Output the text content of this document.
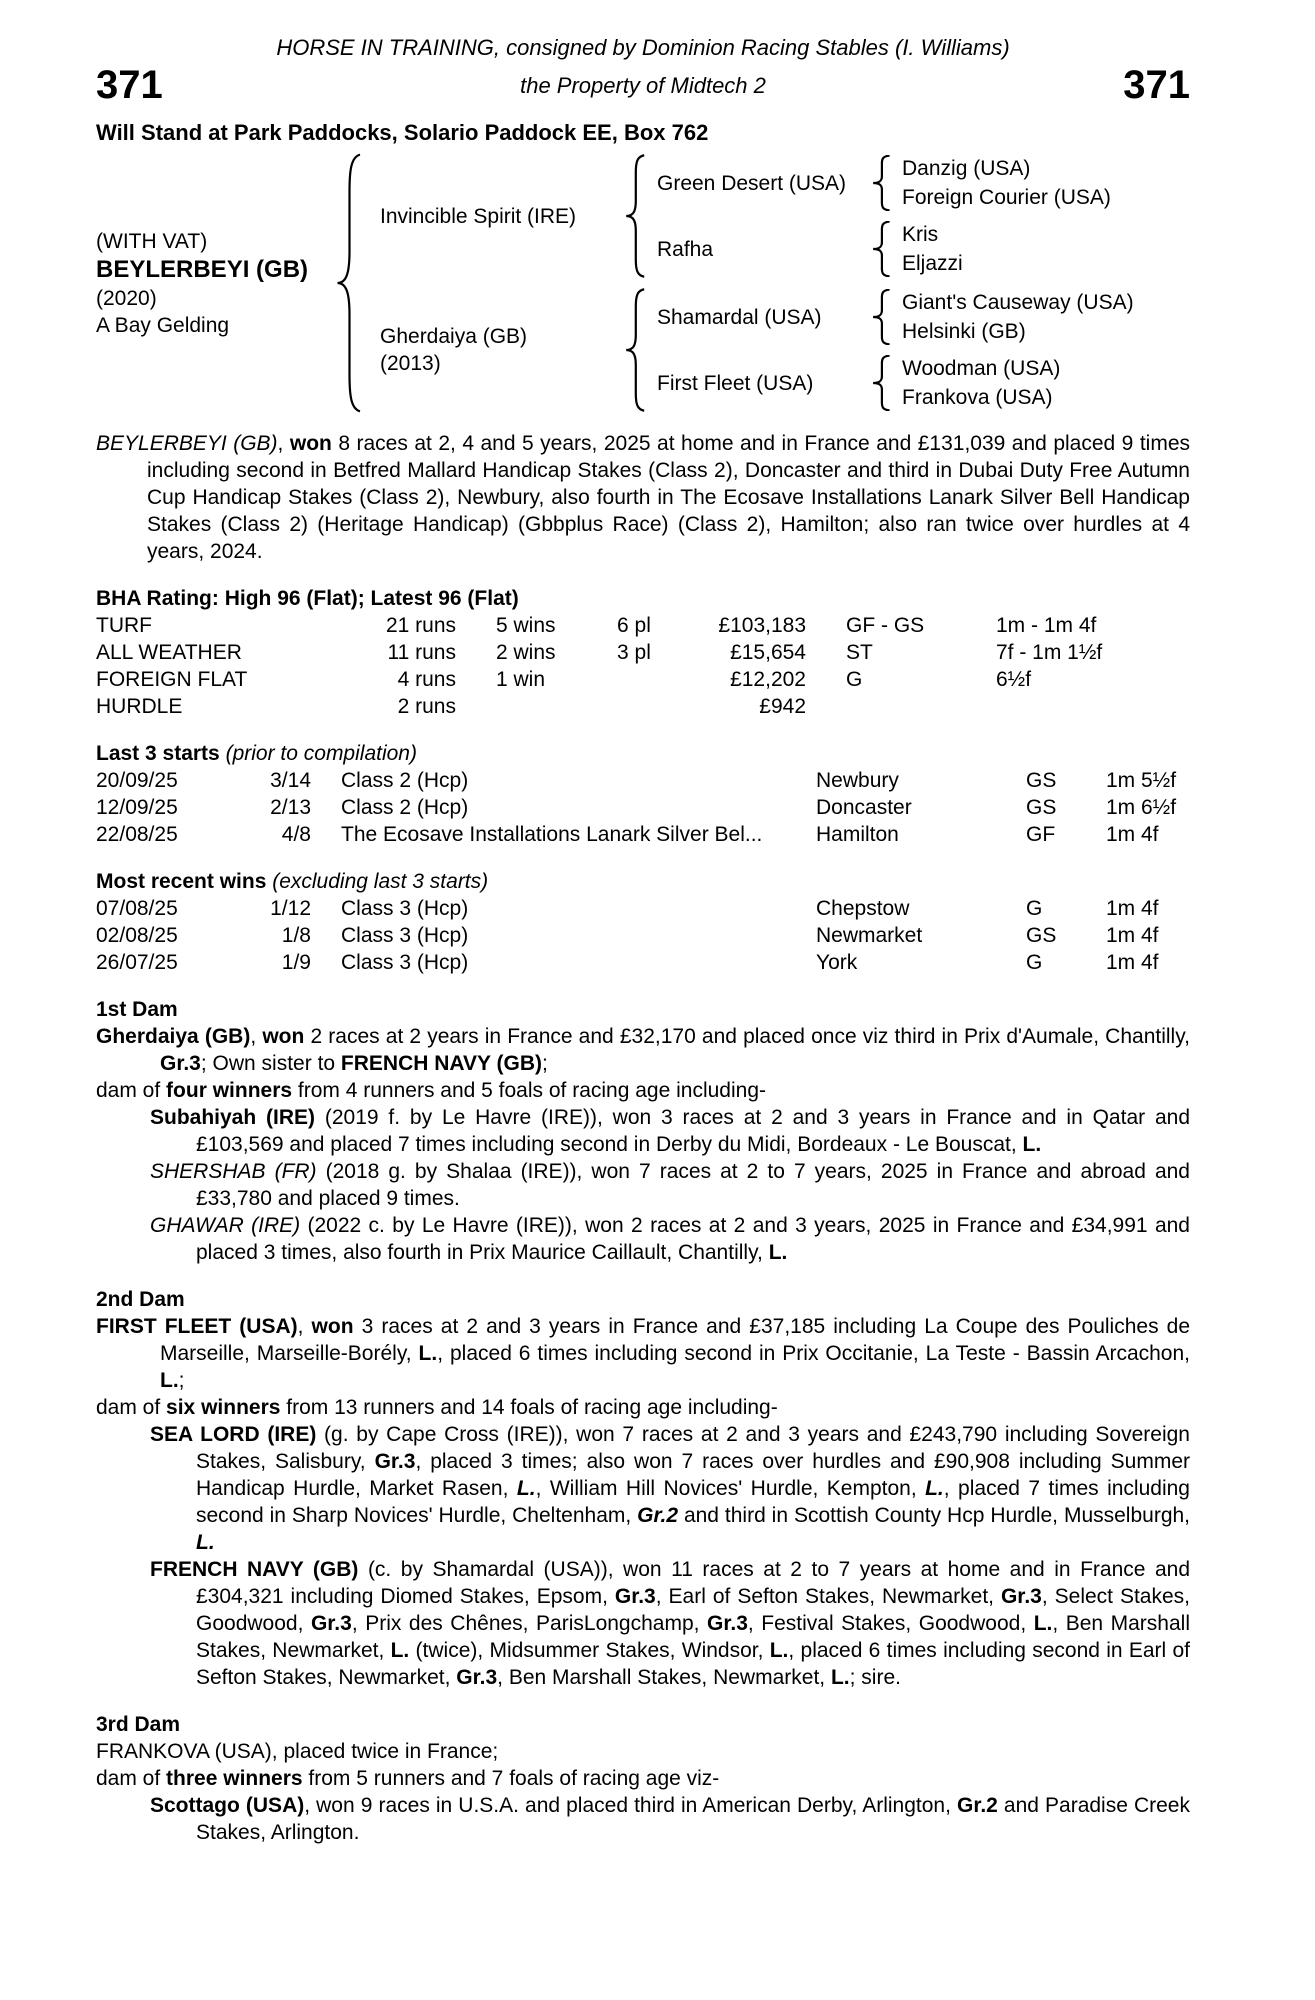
HORSE IN TRAINING, consigned by Dominion Racing Stables (I. Williams)
371	the Property of Midtech 2	371
Will Stand at Park Paddocks, Solario Paddock EE, Box 762
(WITH VAT)
BEYLERBEYI (GB)
(2020)
A Bay Gelding
Invincible Spirit (IRE)
Green Desert (USA)
Danzig (USA)
Foreign Courier (USA)
Rafha
Kris
Eljazzi
Gherdaiya (GB)
(2013)
Shamardal (USA)
Giant's Causeway (USA)
Helsinki (GB)
First Fleet (USA)
Woodman (USA)
Frankova (USA)
BEYLERBEYI (GB), won 8 races at 2, 4 and 5 years, 2025 at home and in France and £131,039 and placed 9 times including second in Betfred Mallard Handicap Stakes (Class 2), Doncaster and third in Dubai Duty Free Autumn Cup Handicap Stakes (Class 2), Newbury, also fourth in The Ecosave Installations Lanark Silver Bell Handicap Stakes (Class 2) (Heritage Handicap) (Gbbplus Race) (Class 2), Hamilton; also ran twice over hurdles at 4 years, 2024.
BHA Rating: High 96 (Flat); Latest 96 (Flat)
TURF	21 runs	5 wins	6 pl	£103,183	GF - GS	1m - 1m 4f
ALL WEATHER	11 runs	2 wins	3 pl	£15,654	ST	7f - 1m 1½f
FOREIGN FLAT	4 runs	1 win	£12,202	G	6½f
HURDLE	2 runs	£942
Last 3 starts (prior to compilation)
20/09/25	3/14	Class 2 (Hcp)	Newbury	GS	1m 5½f
12/09/25	2/13	Class 2 (Hcp)	Doncaster	GS	1m 6½f
22/08/25	4/8	The Ecosave Installations Lanark Silver Bel...	Hamilton	GF	1m 4f
Most recent wins (excluding last 3 starts)
07/08/25	1/12	Class 3 (Hcp)	Chepstow	G	1m 4f
02/08/25	1/8	Class 3 (Hcp)	Newmarket	GS	1m 4f
26/07/25	1/9	Class 3 (Hcp)	York	G	1m 4f
1st Dam
Gherdaiya (GB), won 2 races at 2 years in France and £32,170 and placed once viz third in Prix d'Aumale, Chantilly, Gr.3; Own sister to FRENCH NAVY (GB);
dam of four winners from 4 runners and 5 foals of racing age including-
Subahiyah (IRE) (2019 f. by Le Havre (IRE)), won 3 races at 2 and 3 years in France and in Qatar and £103,569 and placed 7 times including second in Derby du Midi, Bordeaux - Le Bouscat, L.
SHERSHAB (FR) (2018 g. by Shalaa (IRE)), won 7 races at 2 to 7 years, 2025 in France and abroad and £33,780 and placed 9 times.
GHAWAR (IRE) (2022 c. by Le Havre (IRE)), won 2 races at 2 and 3 years, 2025 in France and £34,991 and placed 3 times, also fourth in Prix Maurice Caillault, Chantilly, L.
2nd Dam
FIRST FLEET (USA), won 3 races at 2 and 3 years in France and £37,185 including La Coupe des Pouliches de Marseille, Marseille-Borély, L., placed 6 times including second in Prix Occitanie, La Teste - Bassin Arcachon, L.;
dam of six winners from 13 runners and 14 foals of racing age including-
SEA LORD (IRE) (g. by Cape Cross (IRE)), won 7 races at 2 and 3 years and £243,790 including Sovereign Stakes, Salisbury, Gr.3, placed 3 times; also won 7 races over hurdles and £90,908 including Summer Handicap Hurdle, Market Rasen, L., William Hill Novices' Hurdle, Kempton, L., placed 7 times including second in Sharp Novices' Hurdle, Cheltenham, Gr.2 and third in Scottish County Hcp Hurdle, Musselburgh, L.
FRENCH NAVY (GB) (c. by Shamardal (USA)), won 11 races at 2 to 7 years at home and in France and £304,321 including Diomed Stakes, Epsom, Gr.3, Earl of Sefton Stakes, Newmarket, Gr.3, Select Stakes, Goodwood, Gr.3, Prix des Chênes, ParisLongchamp, Gr.3, Festival Stakes, Goodwood, L., Ben Marshall Stakes, Newmarket, L. (twice), Midsummer Stakes, Windsor, L., placed 6 times including second in Earl of Sefton Stakes, Newmarket, Gr.3, Ben Marshall Stakes, Newmarket, L.; sire.
3rd Dam
FRANKOVA (USA), placed twice in France;
dam of three winners from 5 runners and 7 foals of racing age viz-
Scottago (USA), won 9 races in U.S.A. and placed third in American Derby, Arlington, Gr.2 and Paradise Creek Stakes, Arlington.
